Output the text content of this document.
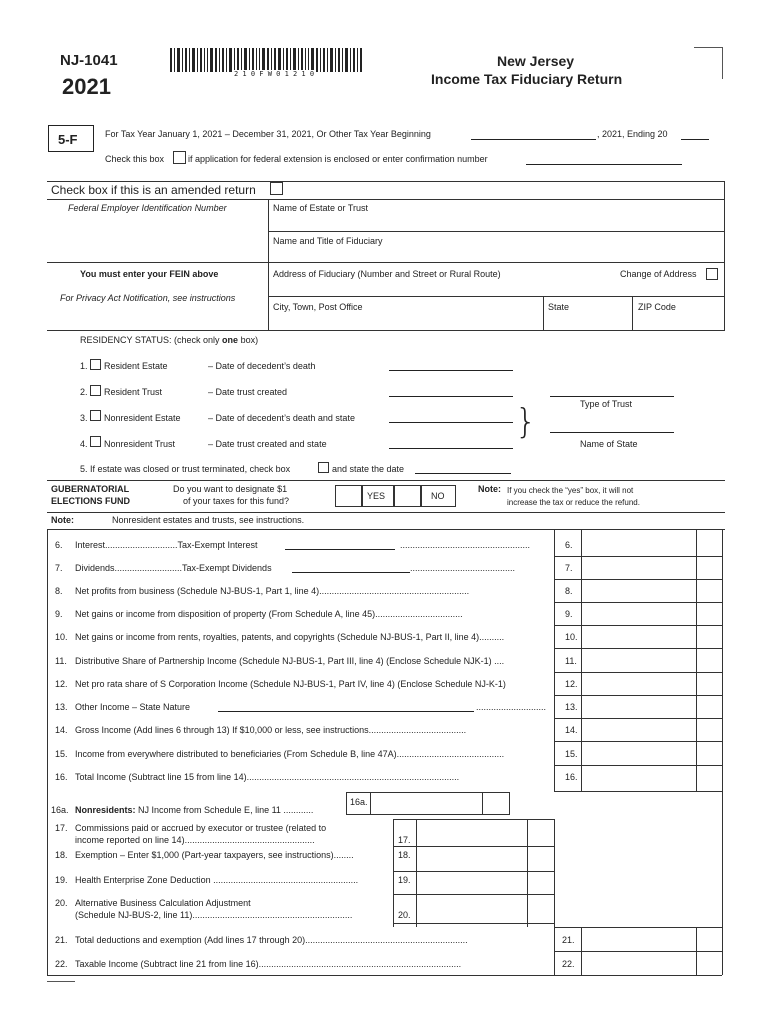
NJ-1041
2021	2 1 0 F W 0 1 2 1 0
New Jersey
Income Tax Fiduciary Return
5-F	For Tax Year January 1, 2021 – December 31, 2021, Or Other Tax Year Beginning	, 2021, Ending 20
Check this box	if application for federal extension is enclosed or enter confirmation number
Check box if this is an amended return
Federal Employer Identification Number	Name of Estate or Trust
Name and Title of Fiduciary
You must enter your FEIN above
For Privacy Act Notification, see instructions
Address of Fiduciary (Number and Street or Rural Route)	Change of Address
City, Town, Post Office	State	ZIP Code
RESIDENCY STATUS: (check only one box)
1. Resident Estate	– Date of decedent’s death
2. Resident Trust	– Date trust created
Type of Trust
3. Nonresident Estate	– Date of decedent’s death and state	}
4. Nonresident Trust	– Date trust created and state	Name of State
5. If estate was closed or trust terminated, check box	and state the date
GUBERNATORIAL
ELECTIONS FUND
Do you want to designate $1
of your taxes for this fund?	YES	NO
Note: If you check the “yes” box, it will not
increase the tax or reduce the refund.
Note:	Nonresident estates and trusts, see instructions.
6. Interest.............................Tax-Exempt Interest	....................................................	6.
7. Dividends...........................Tax-Exempt Dividends	..........................................	7.
8. Net profits from business (Schedule NJ-BUS-1, Part 1, line 4)............................................................	8.
9. Net gains or income from disposition of property (From Schedule A, line 45)...................................	9.
10. Net gains or income from rents, royalties, patents, and copyrights (Schedule NJ-BUS-1, Part II, line 4)..........	10.
11. Distributive Share of Partnership Income (Schedule NJ-BUS-1, Part III, line 4) (Enclose Schedule NJK-1) ....	11.
12. Net pro rata share of S Corporation Income (Schedule NJ-BUS-1, Part IV, line 4) (Enclose Schedule NJ-K-1)	12.
13. Other Income – State Nature	............................ 13.
14. Gross Income (Add lines 6 through 13) If $10,000 or less, see instructions.......................................	14.
15. Income from everywhere distributed to beneficiaries (From Schedule B, line 47A)...........................................	15.
16. Total Income (Subtract line 15 from line 14).....................................................................................	16.
16a. Nonresidents: NJ Income from Schedule E, line 11 ............
16a.
17. Commissions paid or accrued by executor or trustee (related to
income reported on line 14)....................................................	17.
18. Exemption – Enter $1,000 (Part-year taxpayers, see instructions)........	18.
19. Health Enterprise Zone Deduction ..........................................................	19.
20. Alternative Business Calculation Adjustment
(Schedule NJ-BUS-2, line 11)................................................................	20.
21. Total deductions and exemption (Add lines 17 through 20).................................................................	21.
22. Taxable Income (Subtract line 21 from line 16).................................................................................	22.
